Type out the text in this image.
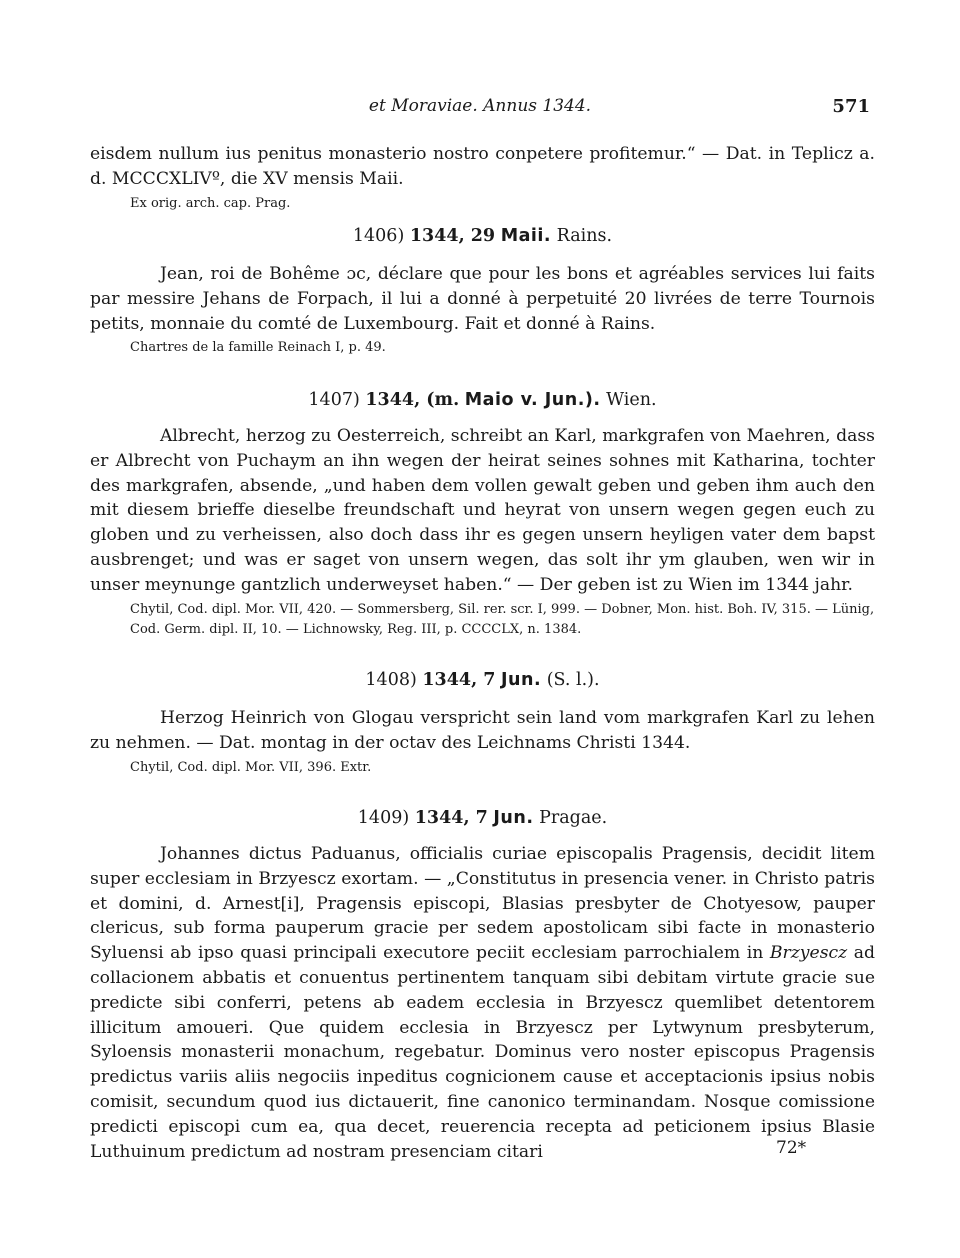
et Moraviae. Annus 1344.	571

eisdem nullum ius penitus monasterio nostro conpetere profitemur.“ — Dat. in Teplicz a. d. MCCCXLIVº, die XV mensis Maii.

Ex orig. arch. cap. Prag.

1406) 1344, 29 Maii. Rains.

Jean, roi de Bohême ɔc, déclare que pour les bons et agréables services lui faits par messire Jehans de Forpach, il lui a donné à perpetuité 20 livrées de terre Tournois petits, monnaie du comté de Luxembourg. Fait et donné à Rains.

Chartres de la famille Reinach I, p. 49.

1407) 1344, (m. Maio v. Jun.). Wien.

Albrecht, herzog zu Oesterreich, schreibt an Karl, markgrafen von Maehren, dass er Albrecht von Puchaym an ihn wegen der heirat seines sohnes mit Katharina, tochter des markgrafen, absende, „und haben dem vollen gewalt geben und geben ihm auch den mit diesem brieffe dieselbe freundschaft und heyrat von unsern wegen gegen euch zu globen und zu verheissen, also doch dass ihr es gegen unsern heyligen vater dem bapst ausbrenget; und was er saget von unsern wegen, das solt ihr ym glauben, wen wir in unser meynunge gantzlich underweyset haben.“ — Der geben ist zu Wien im 1344 jahr.

Chytil, Cod. dipl. Mor. VII, 420. — Sommersberg, Sil. rer. scr. I, 999. — Dobner, Mon. hist. Boh. IV, 315. — Lünig, Cod. Germ. dipl. II, 10. — Lichnowsky, Reg. III, p. CCCCLX, n. 1384.

1408) 1344, 7 Jun. (S. l.).

Herzog Heinrich von Glogau verspricht sein land vom markgrafen Karl zu lehen zu nehmen. — Dat. montag in der octav des Leichnams Christi 1344.

Chytil, Cod. dipl. Mor. VII, 396. Extr.

1409) 1344, 7 Jun. Pragae.

Johannes dictus Paduanus, officialis curiae episcopalis Pragensis, decidit litem super ecclesiam in Brzyescz exortam. — „Constitutus in presencia vener. in Christo patris et domini, d. Arnest[i], Pragensis episcopi, Blasias presbyter de Chotyesow, pauper clericus, sub forma pauperum gracie per sedem apostolicam sibi facte in monasterio Syluensi ab ipso quasi principali executore peciit ecclesiam parrochialem in Brzyescz ad collacionem abbatis et conuentus pertinentem tanquam sibi debitam virtute gracie sue predicte sibi conferri, petens ab eadem ecclesia in Brzyescz quemlibet detentorem illicitum amoueri. Que quidem ecclesia in Brzyescz per Lytwynum presbyterum, Syloensis monasterii monachum, regebatur. Dominus vero noster episcopus Pragensis predictus variis aliis negociis inpeditus cognicionem cause et acceptacionis ipsius nobis comisit, secundum quod ius dictauerit, fine canonico terminandam. Nosque comissione predicti episcopi cum ea, qua decet, reuerencia recepta ad peticionem ipsius Blasie Luthuinum predictum ad nostram presenciam citari	72*
